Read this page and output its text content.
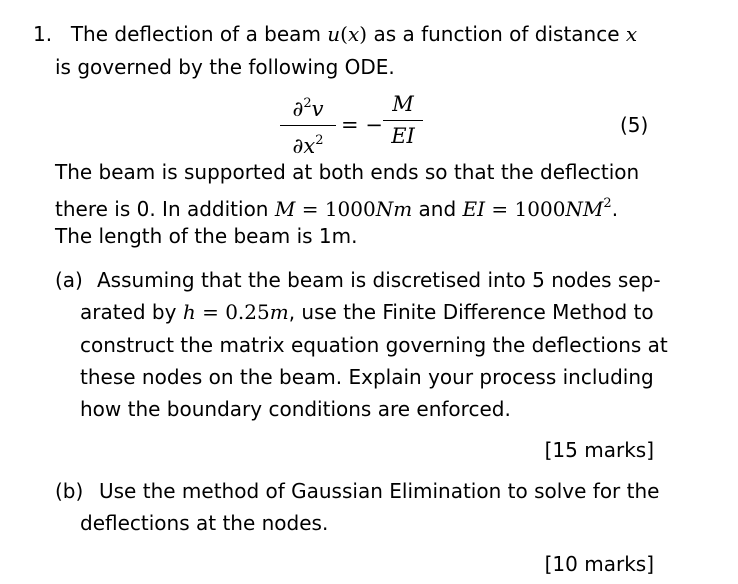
1. The deflection of a beam u(x) as a function of distance x
is governed by the following ODE.
∂$^2$v
$\partial x^2$
= −
M
EI	(5)
The beam is supported at both ends so that the deflection
there is 0. In addition M = 1000Nm and EI = $1000NM^2$.
The length of the beam is 1m.
(a) Assuming that the beam is discretised into 5 nodes sep-
arated by h = 0.25m, use the Finite Difference Method to
construct the matrix equation governing the deflections at
these nodes on the beam. Explain your process including
how the boundary conditions are enforced.
[15 marks]
(b) Use the method of Gaussian Elimination to solve for the
deflections at the nodes.
[10 marks]
